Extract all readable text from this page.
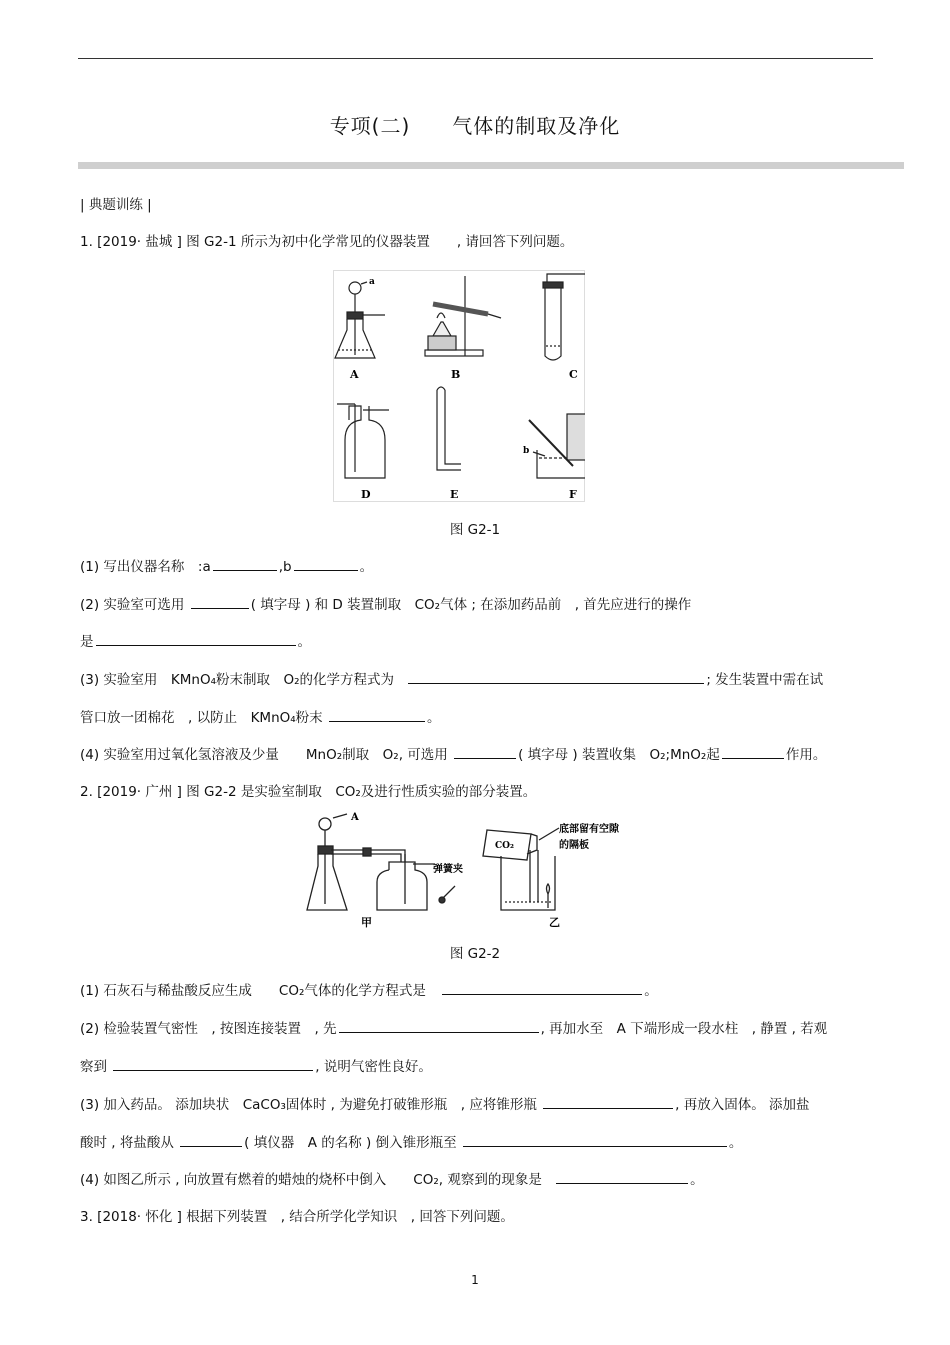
专项(二)　　气体的制取及净化
| 典题训练 |
1. [2019· 盐城 ] 图 G2-1 所示为初中化学常见的仪器装置　　, 请回答下列问题。
a
A	B	C
D	E
b
F
图 G2-1
(1) 写出仪器名称　:a	,b	。
(2) 实验室可选用	( 填字母 ) 和 D 装置制取　CO₂气体 ; 在添加药品前　, 首先应进行的操作
是	。
(3) 实验室用　KMnO₄粉末制取　O₂的化学方程式为	; 发生装置中需在试
管口放一团棉花　, 以防止　KMnO₄粉末	。
(4) 实验室用过氧化氢溶液及少量　　MnO₂制取　O₂, 可选用	( 填字母 ) 装置收集　O₂;MnO₂起	作用。
2. [2019· 广州 ] 图 G2-2 是实验室制取　CO₂及进行性质实验的部分装置。
A
弹簧夹
甲
CO₂
底部留有空隙
的隔板
乙
图 G2-2
(1) 石灰石与稀盐酸反应生成　　CO₂气体的化学方程式是	。
(2) 检验装置气密性　, 按图连接装置　, 先	, 再加水至　A 下端形成一段水柱　, 静置 , 若观
察到	, 说明气密性良好。
(3) 加入药品。 添加块状　CaCO₃固体时 , 为避免打破锥形瓶　, 应将锥形瓶	, 再放入固体。 添加盐
酸时 , 将盐酸从	( 填仪器　A 的名称 ) 倒入锥形瓶至	。
(4) 如图乙所示 , 向放置有燃着的蜡烛的烧杯中倒入　　CO₂, 观察到的现象是	。
3. [2018· 怀化 ] 根据下列装置　, 结合所学化学知识　, 回答下列问题。
1
